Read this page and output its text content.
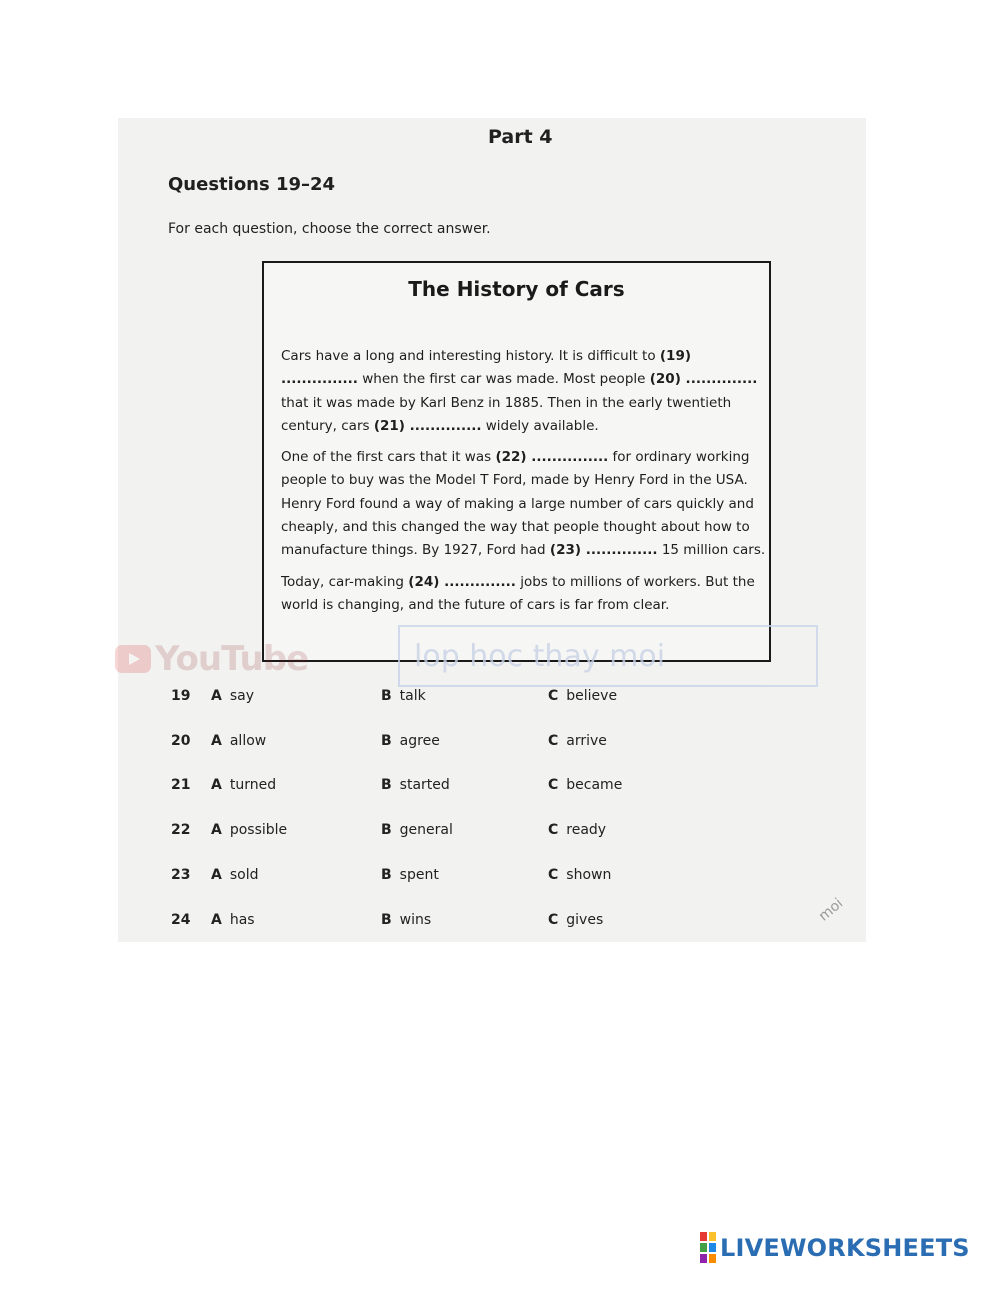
Part 4
Questions 19–24
For each question, choose the correct answer.
The History of Cars

Cars have a long and interesting history. It is difficult to (19) ............... when the first car was made. Most people (20) .............. that it was made by Karl Benz in 1885. Then in the early twentieth century, cars (21) .............. widely available.

One of the first cars that it was (22) ............... for ordinary working people to buy was the Model T Ford, made by Henry Ford in the USA. Henry Ford found a way of making a large number of cars quickly and cheaply, and this changed the way that people thought about how to manufacture things. By 1927, Ford had (23) .............. 15 million cars.

Today, car-making (24) .............. jobs to millions of workers. But the world is changing, and the future of cars is far from clear.

YouTube	lop hoc thay moi
moi
19 A say	B talk	C believe
20 A allow	B agree	C arrive
21 A turned	B started	C became
22 A possible	B general	C ready
23 A sold	B spent	C shown
24 A has	B wins	C gives
LIVEWORKSHEETS
